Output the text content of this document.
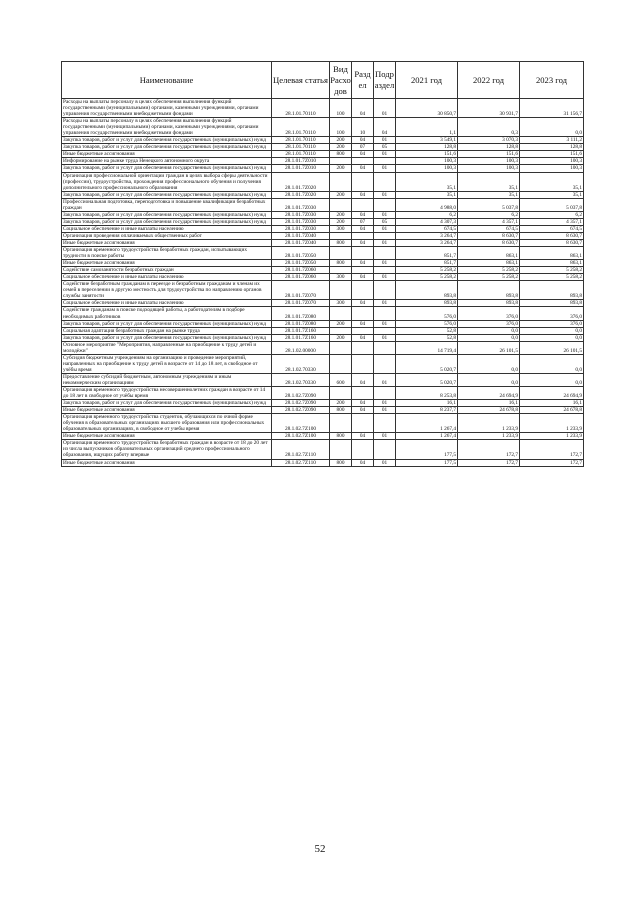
Наименование	Целевая статья	Вид Расхо дов	Разд ел	Подр аздел	2021 год	2022 год	2023 год
Расходы на выплаты персоналу в целях обеспечения выполнения функций государственными (муниципальными) органами, казенными учреждениями, органами управления государственными внебюджетными фондами	28.1.01.70110	100	04	01	30 850,7	30 931,7	31 156,7
Расходы на выплаты персоналу в целях обеспечения выполнения функций государственными (муниципальными) органами, казенными учреждениями, органами управления государственными внебюджетными фондами	28.1.01.70110	100	10	04	1,1	0,3	0,0
Закупка товаров, работ и услуг для обеспечения государственных (муниципальных) нужд	28.1.01.70110	200	04	01	3 549,1	3 070,3	3 111,2
Закупка товаров, работ и услуг для обеспечения государственных (муниципальных) нужд	28.1.01.70110	200	07	05	128,8	128,8	128,8
Иные бюджетные ассигнования	28.1.01.70110	800	04	01	151,6	151,6	151,6
Информирование на рынке труда Ненецкого автономного округа	28.1.01.7Z010				100,3	100,3	100,3
Закупка товаров, работ и услуг для обеспечения государственных (муниципальных) нужд	28.1.01.7Z010	200	04	01	100,3	100,3	100,3
Организация профессиональной ориентации граждан в целях выбора сферы деятельности (профессии), трудоустройства, прохождения профессионального обучения и получения дополнительного профессионального образования	28.1.01.7Z020				35,1	35,1	35,1
Закупка товаров, работ и услуг для обеспечения государственных (муниципальных) нужд	28.1.01.7Z020	200	04	01	35,1	35,1	35,1
Профессиональная подготовка, переподготовка и повышение квалификации безработных граждан	28.1.01.7Z030				4 988,0	5 037,8	5 037,8
Закупка товаров, работ и услуг для обеспечения государственных (муниципальных) нужд	28.1.01.7Z030	200	04	01	6,2	6,2	6,2
Закупка товаров, работ и услуг для обеспечения государственных (муниципальных) нужд	28.1.01.7Z030	200	07	05	4 307,3	4 357,1	4 357,1
Социальное обеспечение и иные выплаты населению	28.1.01.7Z030	300	04	01	674,5	674,5	674,5
Организация проведения оплачиваемых общественных работ	28.1.01.7Z040				3 264,7	8 630,7	8 630,7
Иные бюджетные ассигнования	28.1.01.7Z040	800	04	01	3 264,7	8 630,7	8 630,7
Организация временного трудоустройства безработных граждан, испытывающих трудности в поиске работы	28.1.01.7Z050				851,7	863,1	863,1
Иные бюджетные ассигнования	28.1.01.7Z050	800	04	01	851,7	863,1	863,1
Содействие самозанятости безработных граждан	28.1.01.7Z060				5 258,2	5 258,2	5 258,2
Социальное обеспечение и иные выплаты населению	28.1.01.7Z060	300	04	01	5 258,2	5 258,2	5 258,2
Содействие безработным гражданам в переезде и безработным гражданам и членам их семей в переселении в другую местность для трудоустройства по направлению органов службы занятости	28.1.01.7Z070				893,8	893,8	893,8
Социальное обеспечение и иные выплаты населению	28.1.01.7Z070	300	04	01	893,8	893,8	893,8
Содействие гражданам в поиске подходящей работы, а работодателям в подборе необходимых работников	28.1.01.7Z080				576,0	376,0	376,0
Закупка товаров, работ и услуг для обеспечения государственных (муниципальных) нужд	28.1.01.7Z080	200	04	01	576,0	376,0	376,0
Социальная адаптация безработных граждан на рынке труда	28.1.01.7Z160				52,8	0,0	0,0
Закупка товаров, работ и услуг для обеспечения государственных (муниципальных) нужд	28.1.01.7Z160	200	04	01	52,8	0,0	0,0
Основное мероприятие "Мероприятия, направленные на приобщение к труду детей и молодёжи"	28.1.02.00000				14 719,4	26 101,5	26 101,5
Субсидия бюджетным учреждениям на организацию и проведение мероприятий, направленных на приобщение к труду детей в возрасте от 14 до 18 лет, в свободное от учёбы время	28.1.02.70330				5 020,7	0,0	0,0
Предоставление субсидий бюджетным, автономным учреждениям и иным некоммерческим организациям	28.1.02.70330	600	04	01	5 020,7	0,0	0,0
Организация временного трудоустройства несовершеннолетних граждан в возрасте от 14 до 18 лет в свободное от учёбы время	28.1.02.7Z090				8 253,8	24 694,9	24 694,9
Закупка товаров, работ и услуг для обеспечения государственных (муниципальных) нужд	28.1.02.7Z090	200	04	01	16,1	16,1	16,1
Иные бюджетные ассигнования	28.1.02.7Z090	800	04	01	8 237,7	24 678,8	24 678,8
Организация временного трудоустройства студентов, обучающихся по очной форме обучения в образовательных организациях высшего образования или профессиональных образовательных организациях, в свободное от учебы время	28.1.02.7Z100				1 267,4	1 233,9	1 233,9
Иные бюджетные ассигнования	28.1.02.7Z100	800	04	01	1 267,4	1 233,9	1 233,9
Организация временного трудоустройства безработных граждан в возрасте от 18 до 20 лет из числа выпускников образовательных организаций среднего профессионального образования, ищущих работу впервые	28.1.02.7Z110				177,5	172,7	172,7
Иные бюджетные ассигнования	28.1.02.7Z110	800	04	01	177,5	172,7	172,7
52
